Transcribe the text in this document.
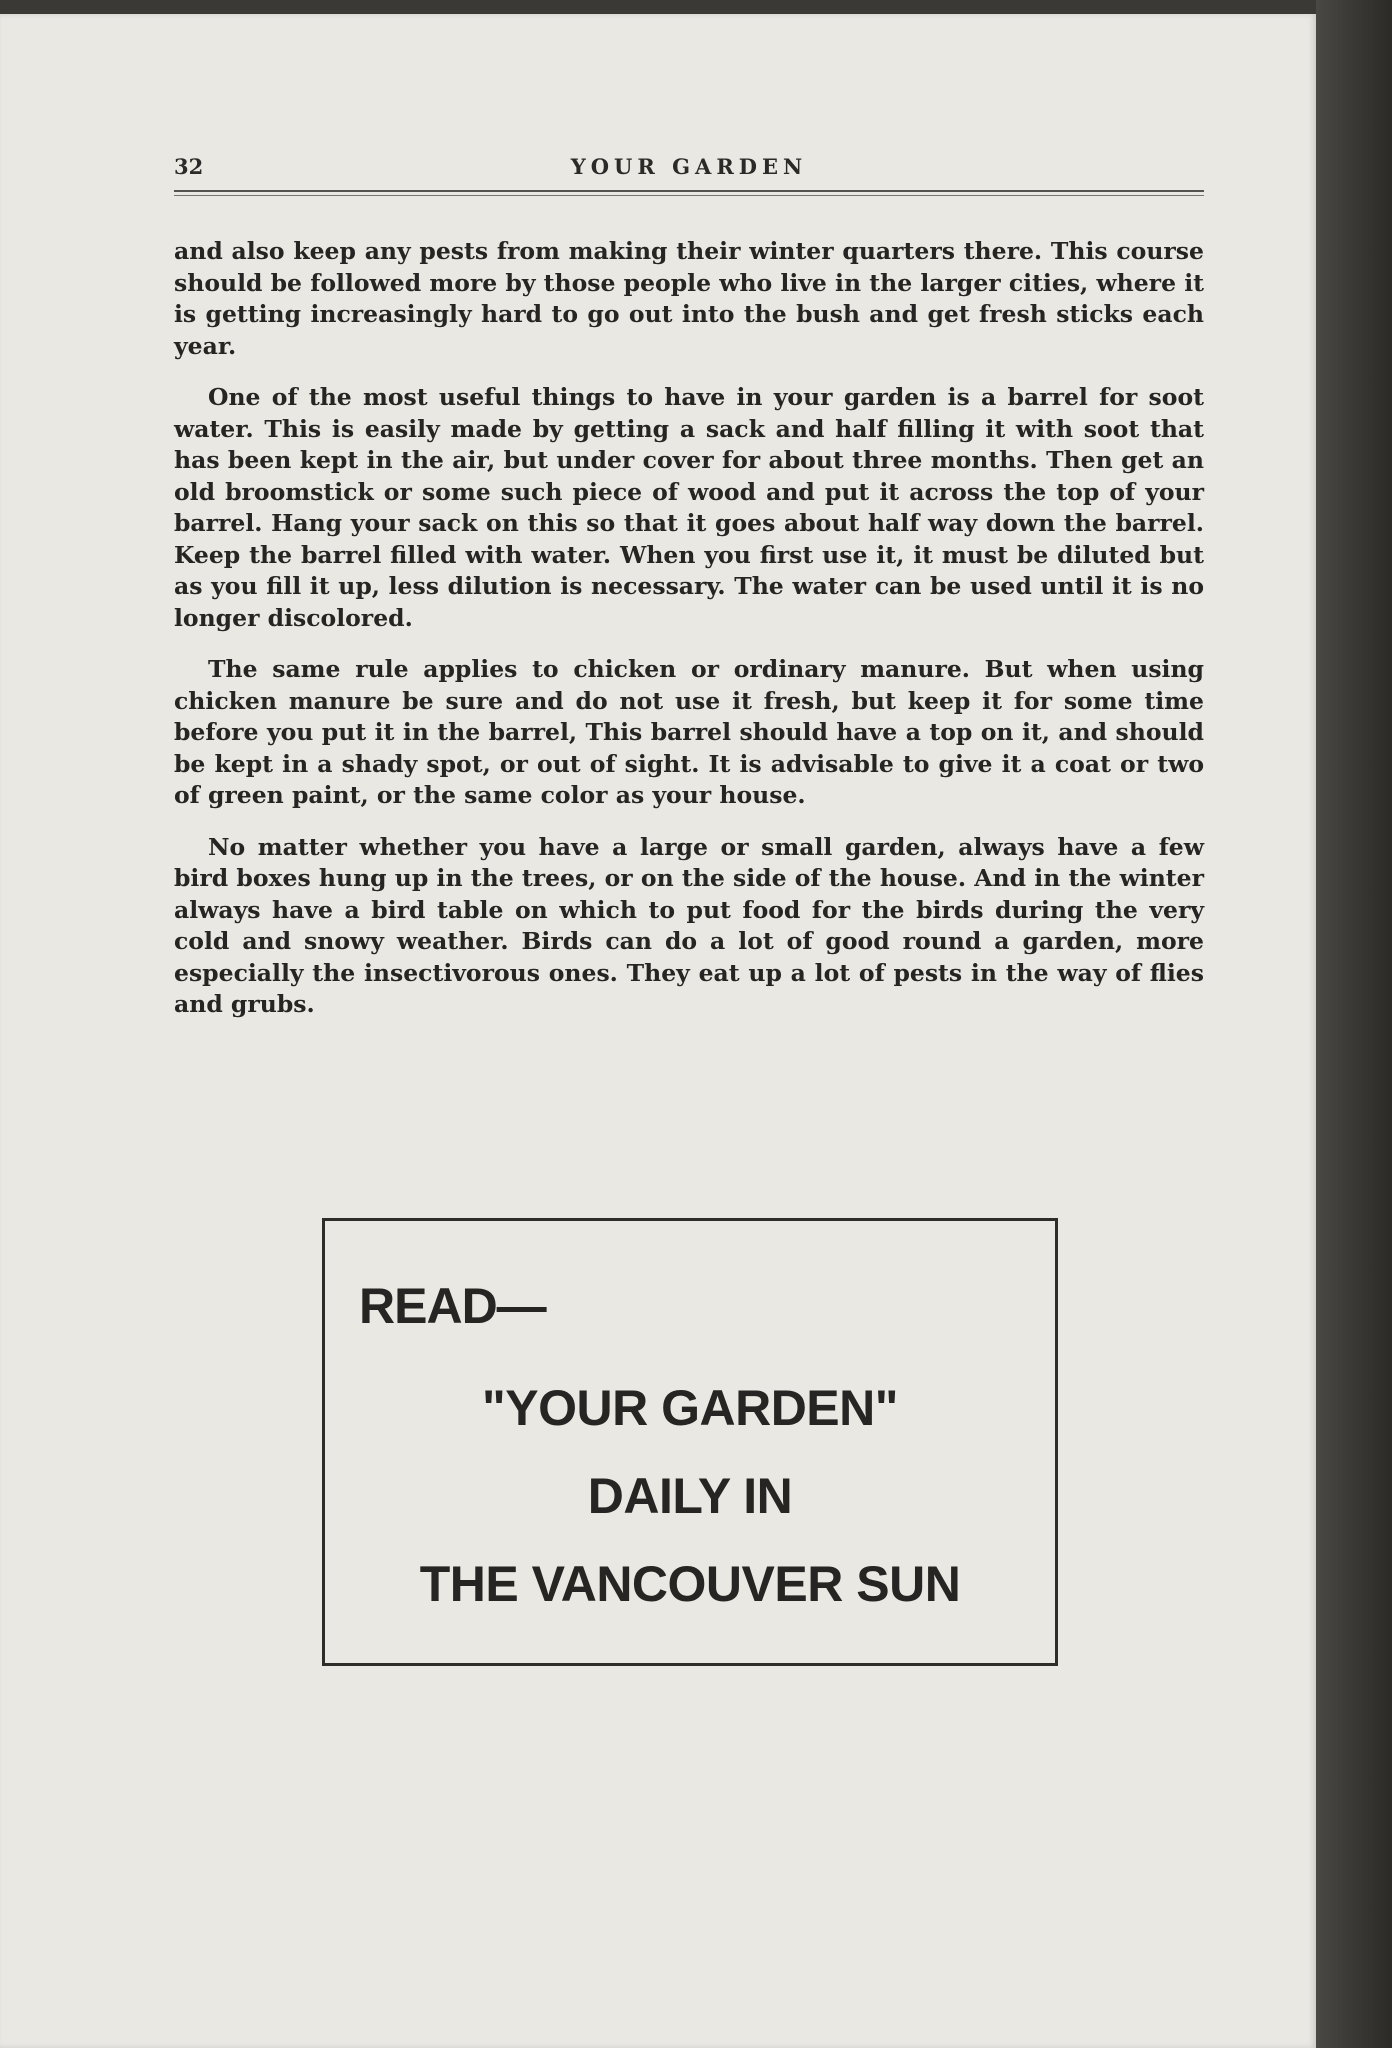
32	YOUR GARDEN

and also keep any pests from making their winter quarters there. This course should be followed more by those people who live in the larger cities, where it is getting increasingly hard to go out into the bush and get fresh sticks each year.

One of the most useful things to have in your garden is a barrel for soot water. This is easily made by getting a sack and half filling it with soot that has been kept in the air, but under cover for about three months. Then get an old broomstick or some such piece of wood and put it across the top of your barrel. Hang your sack on this so that it goes about half way down the barrel. Keep the barrel filled with water. When you first use it, it must be diluted but as you fill it up, less dilution is necessary. The water can be used until it is no longer discolored.

The same rule applies to chicken or ordinary manure. But when using chicken manure be sure and do not use it fresh, but keep it for some time before you put it in the barrel, This barrel should have a top on it, and should be kept in a shady spot, or out of sight. It is advisable to give it a coat or two of green paint, or the same color as your house.

No matter whether you have a large or small garden, always have a few bird boxes hung up in the trees, or on the side of the house. And in the winter always have a bird table on which to put food for the birds during the very cold and snowy weather. Birds can do a lot of good round a garden, more especially the insectivorous ones. They eat up a lot of pests in the way of flies and grubs.

READ—
"YOUR GARDEN"
DAILY IN
THE VANCOUVER SUN
